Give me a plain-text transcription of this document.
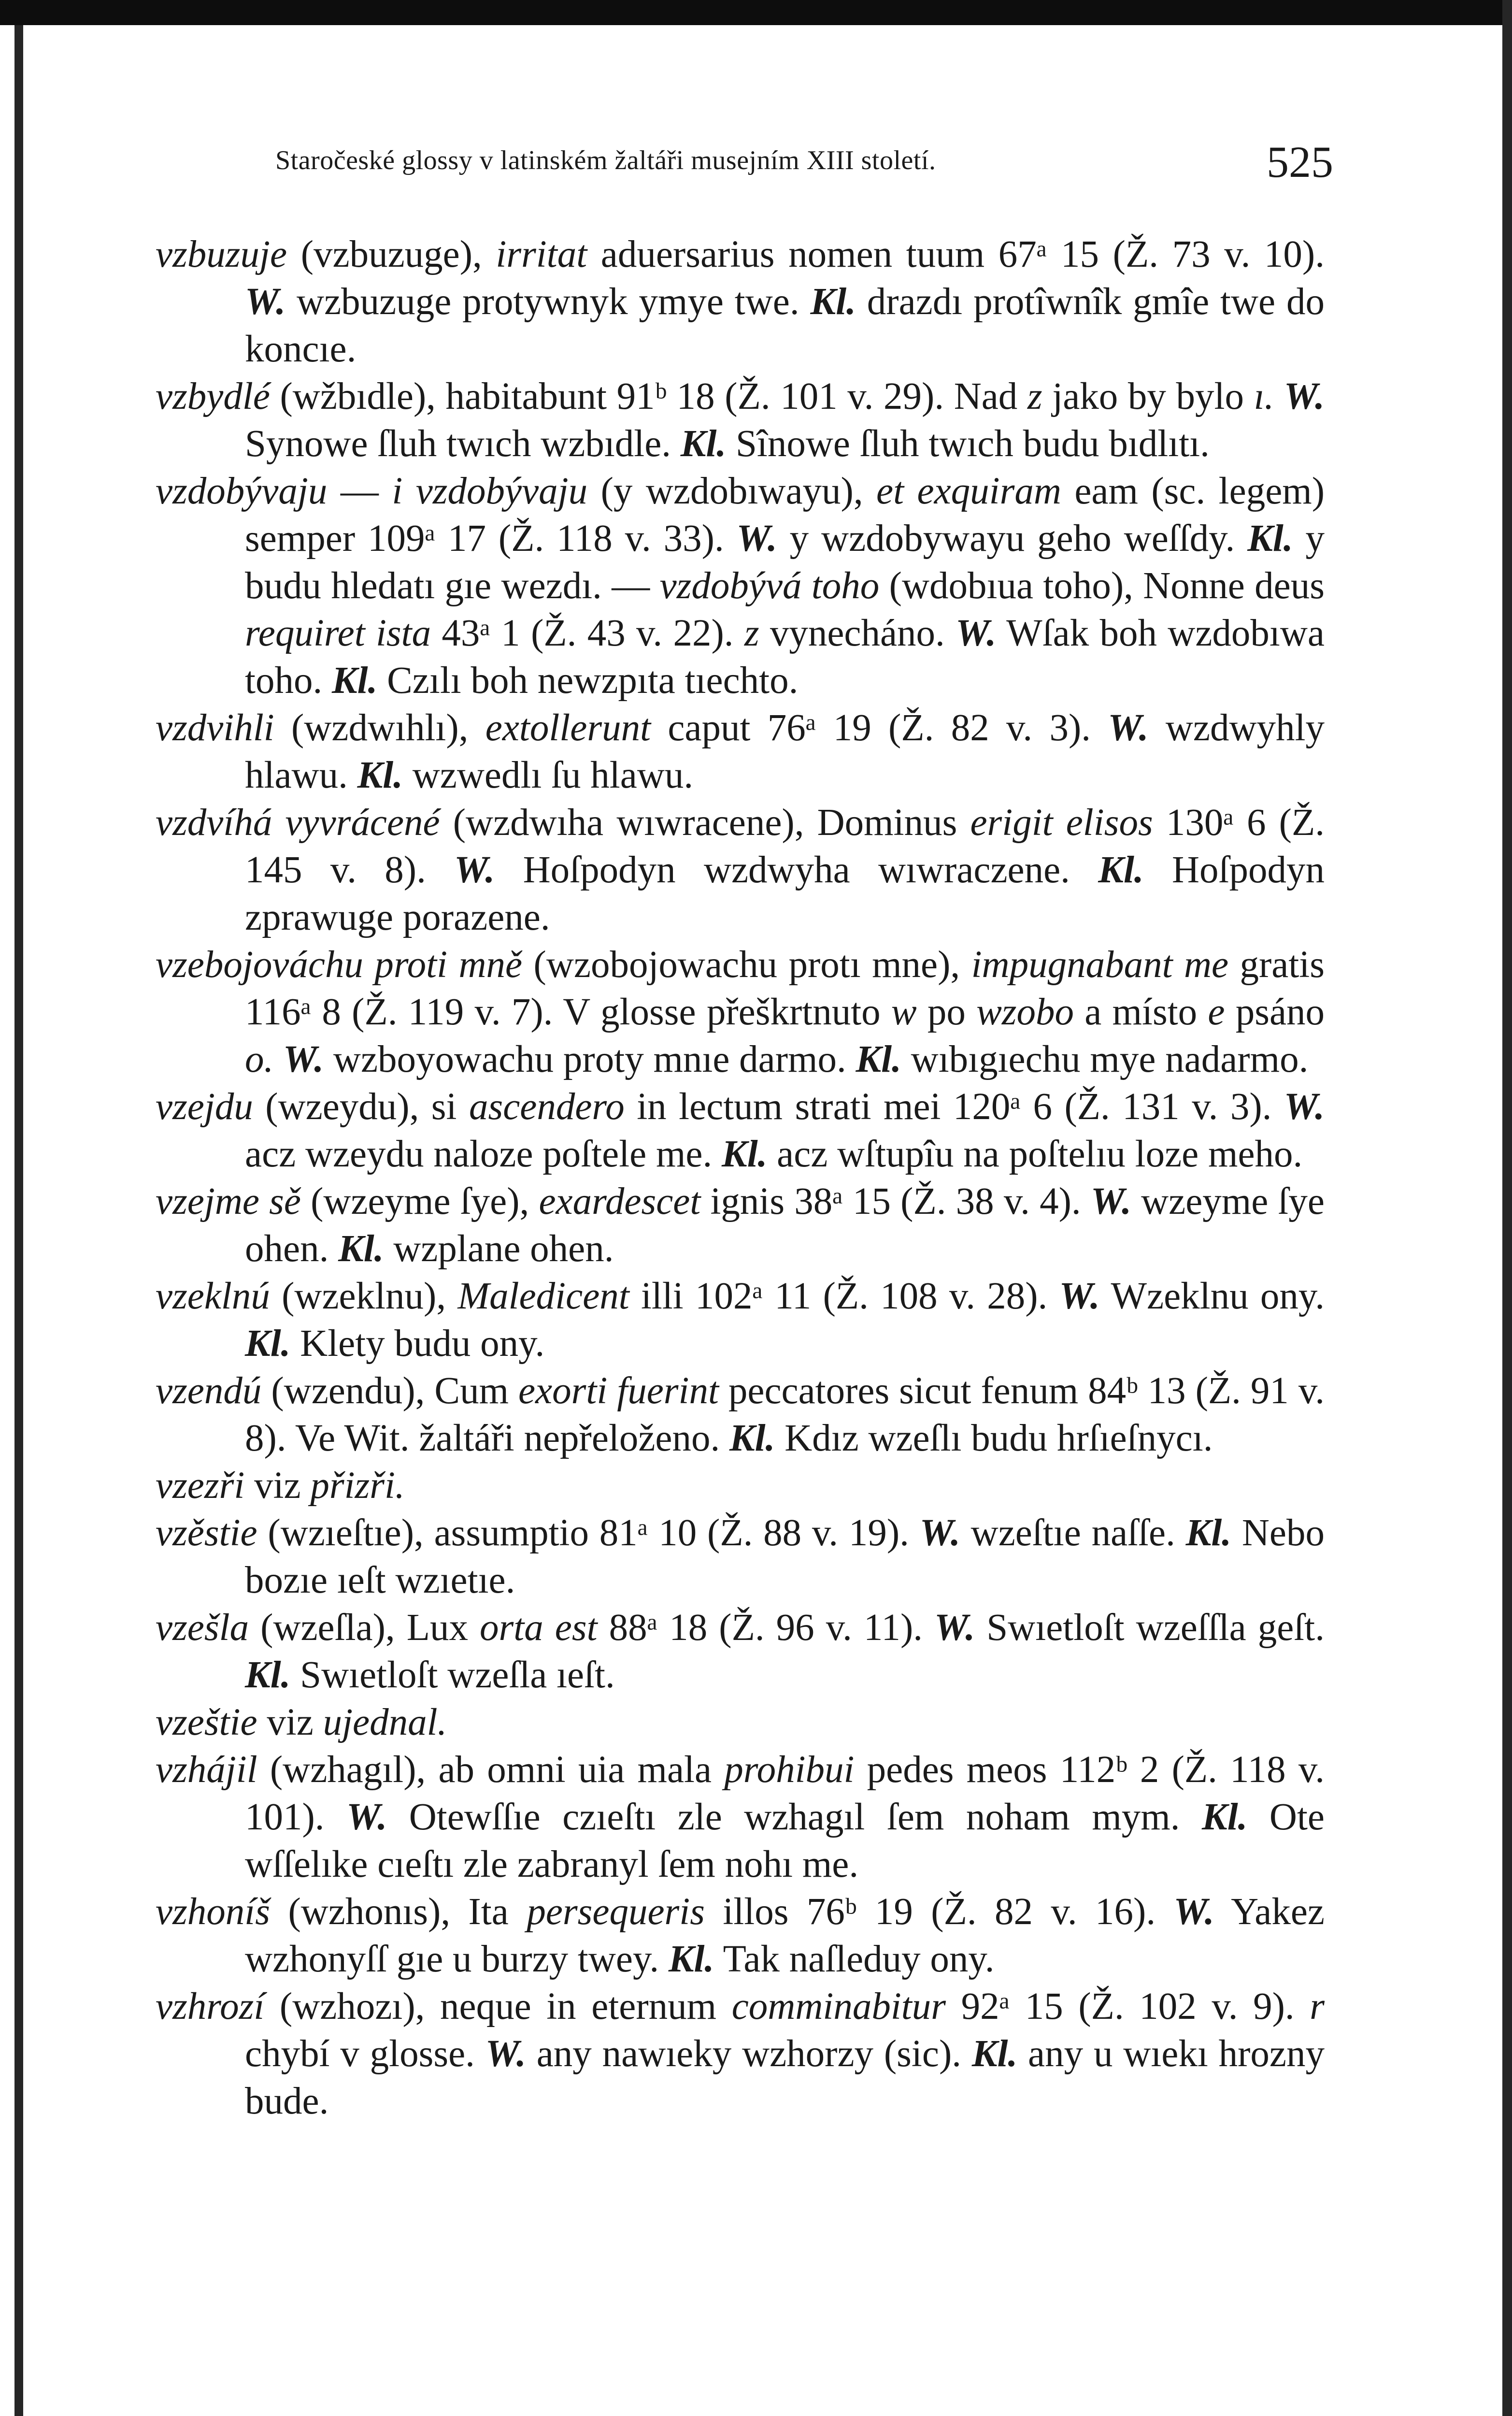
Staročeské glossy v latinském žaltáři musejním XIII století.	525

vzbuzuje (vzbuzuge), irritat aduersarius nomen tuum 67ᵃ 15 (Ž. 73 v. 10). W. wzbuzuge protywnyk ymye twe. Kl. drazdı protîwnîk gmîe twe do koncıe.

vzbydlé (wžbıdle), habitabunt 91ᵇ 18 (Ž. 101 v. 29). Nad z jako by bylo ı. W. Synowe ſluh twıch wzbıdle. Kl. Sînowe ſluh twıch budu bıdlıtı.

vzdobývaju — i vzdobývaju (y wzdobıwayu), et exquiram eam (sc. legem) semper 109ᵃ 17 (Ž. 118 v. 33). W. y wzdobywayu geho weſſdy. Kl. y budu hledatı gıe wezdı. — vzdobývá toho (wdobıua toho), Nonne deus requiret ista 43ᵃ 1 (Ž. 43 v. 22). z vynecháno. W. Wſak boh wzdobıwa toho. Kl. Czılı boh newzpıta tıechto.

vzdvihli (wzdwıhlı), extollerunt caput 76ᵃ 19 (Ž. 82 v. 3). W. wzdwyhly hlawu. Kl. wzwedlı ſu hlawu.

vzdvíhá vyvrácené (wzdwıha wıwracene), Dominus erigit elisos 130ᵃ 6 (Ž. 145 v. 8). W. Hoſpodyn wzdwyha wıwraczene. Kl. Hoſpodyn zprawuge porazene.

vzebojováchu proti mně (wzobojowachu protı mne), impugnabant me gratis 116ᵃ 8 (Ž. 119 v. 7). V glosse přeškrtnuto w po wzobo a místo e psáno o. W. wzboyowachu proty mnıe darmo. Kl. wıbıgıechu mye nadarmo.

vzejdu (wzeydu), si ascendero in lectum strati mei 120ᵃ 6 (Ž. 131 v. 3). W. acz wzeydu naloze poſtele me. Kl. acz wſtupîu na poſtelıu loze meho.

vzejme sě (wzeyme ſye), exardescet ignis 38ᵃ 15 (Ž. 38 v. 4). W. wzeyme ſye ohen. Kl. wzplane ohen.

vzeklnú (wzeklnu), Maledicent illi 102ᵃ 11 (Ž. 108 v. 28). W. Wzeklnu ony. Kl. Klety budu ony.

vzendú (wzendu), Cum exorti fuerint peccatores sicut fenum 84ᵇ 13 (Ž. 91 v. 8). Ve Wit. žaltáři nepřeloženo. Kl. Kdız wzeſlı budu hrſıeſnycı.

vzezři viz přizři.

vzěstie (wzıeſtıe), assumptio 81ᵃ 10 (Ž. 88 v. 19). W. wzeſtıe naſſe. Kl. Nebo bozıe ıeſt wzıetıe.

vzešla (wzeſla), Lux orta est 88ᵃ 18 (Ž. 96 v. 11). W. Swıetloſt wzeſſla geſt. Kl. Swıetloſt wzeſla ıeſt.

vzeštie viz ujednal.

vzhájil (wzhagıl), ab omni uia mala prohibui pedes meos 112ᵇ 2 (Ž. 118 v. 101). W. Otewſſıe czıeſtı zle wzhagıl ſem noham mym. Kl. Ote wſſelıke cıeſtı zle zabranyl ſem nohı me.

vzhoníš (wzhonıs), Ita persequeris illos 76ᵇ 19 (Ž. 82 v. 16). W. Yakez wzhonyſſ gıe u burzy twey. Kl. Tak naſleduy ony.

vzhrozí (wzhozı), neque in eternum comminabitur 92ᵃ 15 (Ž. 102 v. 9). r chybí v glosse. W. any nawıeky wzhorzy (sic). Kl. any u wıekı hrozny bude.
